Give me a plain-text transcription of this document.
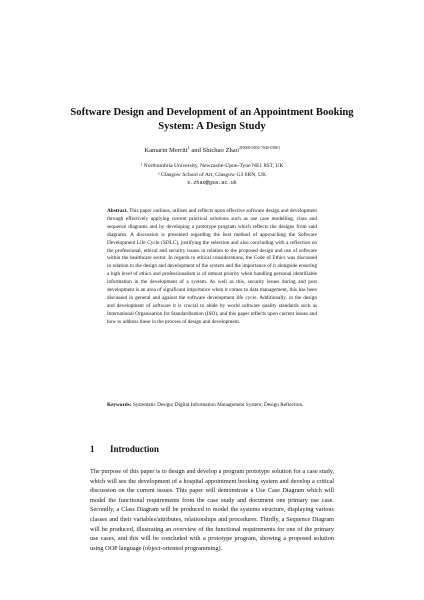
Software Design and Development of an Appointment Booking System: A Design Study
Kamarin Merritt$^1$ and Shichao Zhao$^{2[0000-0002-7040-0380]}$
¹ Northumbria University, Newcastle-Upon-Tyne NE1 8ST, UK
² Glasgow School of Art, Glasgow G3 6RN, UK
s.zhao@gsa.ac.uk
Abstract. This paper outlines, utilises and reflects upon effective software design and development through effectively applying current practical solutions such as use case modelling, class and sequence diagrams and by developing a prototype program which reflects the designs from said diagrams. A discussion is presented regarding the best method of approaching the Software Development Life Cycle (SDLC), justifying the selection and also concluding with a reflection on the professional, ethical and security issues in relation to the proposed design and use of software within the healthcare sector. In regards to ethical considerations, the Code of Ethics was discussed in relation to the design and development of the system and the importance of it alongside ensuring a high level of ethics and professionalism is of utmost priority when handling personal identifiable information in the development of a system. As well as this, security issues during and post development is an area of significant importance when it comes to data management, this has been discussed in general and against the software development life cycle. Additionally, in the design and development of software it is crucial to abide by world software quality standards such as International Organisation for Standardisation (ISO), and this paper reflects upon current issues and how to address these in the process of design and development.
Keywords: Systematic Design; Digital Information Management System; Design Reflection.
1 Introduction
The purpose of this paper is to design and develop a program prototype solution for a case study, which will see the development of a hospital appointment booking system and develop a critical discussion on the current issues. This paper will demonstrate a Use Case Diagram which will model the functional requirements from the case study and document one primary use case. Secondly, a Class Diagram will be produced to model the systems structure, displaying various classes and their variables/attributes, relationships and procedures. Thirdly, a Sequence Diagram will be produced, illustrating an overview of the functional requirements for one of the primary use cases, and this will be concluded with a prototype program, showing a proposed solution using OOP language (object-oriented programming).
